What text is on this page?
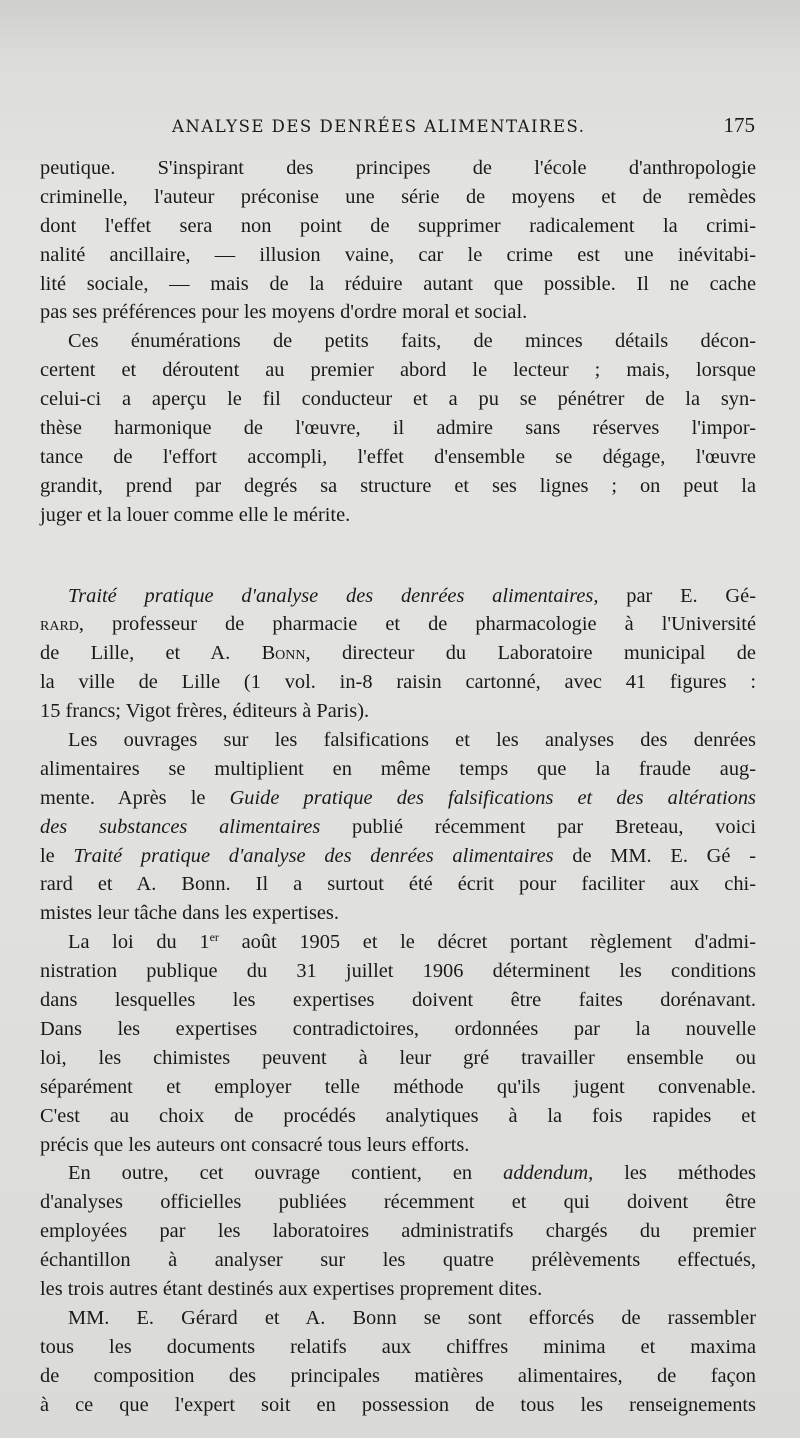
ANALYSE DES DENRÉES ALIMENTAIRES.	175
peutique. S'inspirant des principes de l'école d'anthropologie
criminelle, l'auteur préconise une série de moyens et de remèdes
dont l'effet sera non point de supprimer radicalement la crimi-
nalité ancillaire, — illusion vaine, car le crime est une inévitabi-
lité sociale, — mais de la réduire autant que possible. Il ne cache
pas ses préférences pour les moyens d'ordre moral et social.
Ces énumérations de petits faits, de minces détails décon-
certent et déroutent au premier abord le lecteur ; mais, lorsque
celui-ci a aperçu le fil conducteur et a pu se pénétrer de la syn-
thèse harmonique de l'œuvre, il admire sans réserves l'impor-
tance de l'effort accompli, l'effet d'ensemble se dégage, l'œuvre
grandit, prend par degrés sa structure et ses lignes ; on peut la
juger et la louer comme elle le mérite.
Traité pratique d'analyse des denrées alimentaires, par E. Gé-
rard, professeur de pharmacie et de pharmacologie à l'Université
de Lille, et A. Bonn, directeur du Laboratoire municipal de
la ville de Lille (1 vol. in-8 raisin cartonné, avec 41 figures :
15 francs; Vigot frères, éditeurs à Paris).
Les ouvrages sur les falsifications et les analyses des denrées
alimentaires se multiplient en même temps que la fraude aug-
mente. Après le Guide pratique des falsifications et des altérations
des substances alimentaires publié récemment par Breteau, voici
le Traité pratique d'analyse des denrées alimentaires de MM. E. Gé -
rard et A. Bonn. Il a surtout été écrit pour faciliter aux chi-
mistes leur tâche dans les expertises.
La loi du 1er août 1905 et le décret portant règlement d'admi-
nistration publique du 31 juillet 1906 déterminent les conditions
dans lesquelles les expertises doivent être faites dorénavant.
Dans les expertises contradictoires, ordonnées par la nouvelle
loi, les chimistes peuvent à leur gré travailler ensemble ou
séparément et employer telle méthode qu'ils jugent convenable.
C'est au choix de procédés analytiques à la fois rapides et
précis que les auteurs ont consacré tous leurs efforts.
En outre, cet ouvrage contient, en addendum, les méthodes
d'analyses officielles publiées récemment et qui doivent être
employées par les laboratoires administratifs chargés du premier
échantillon à analyser sur les quatre prélèvements effectués,
les trois autres étant destinés aux expertises proprement dites.
MM. E. Gérard et A. Bonn se sont efforcés de rassembler
tous les documents relatifs aux chiffres minima et maxima
de composition des principales matières alimentaires, de façon
à ce que l'expert soit en possession de tous les renseignements
